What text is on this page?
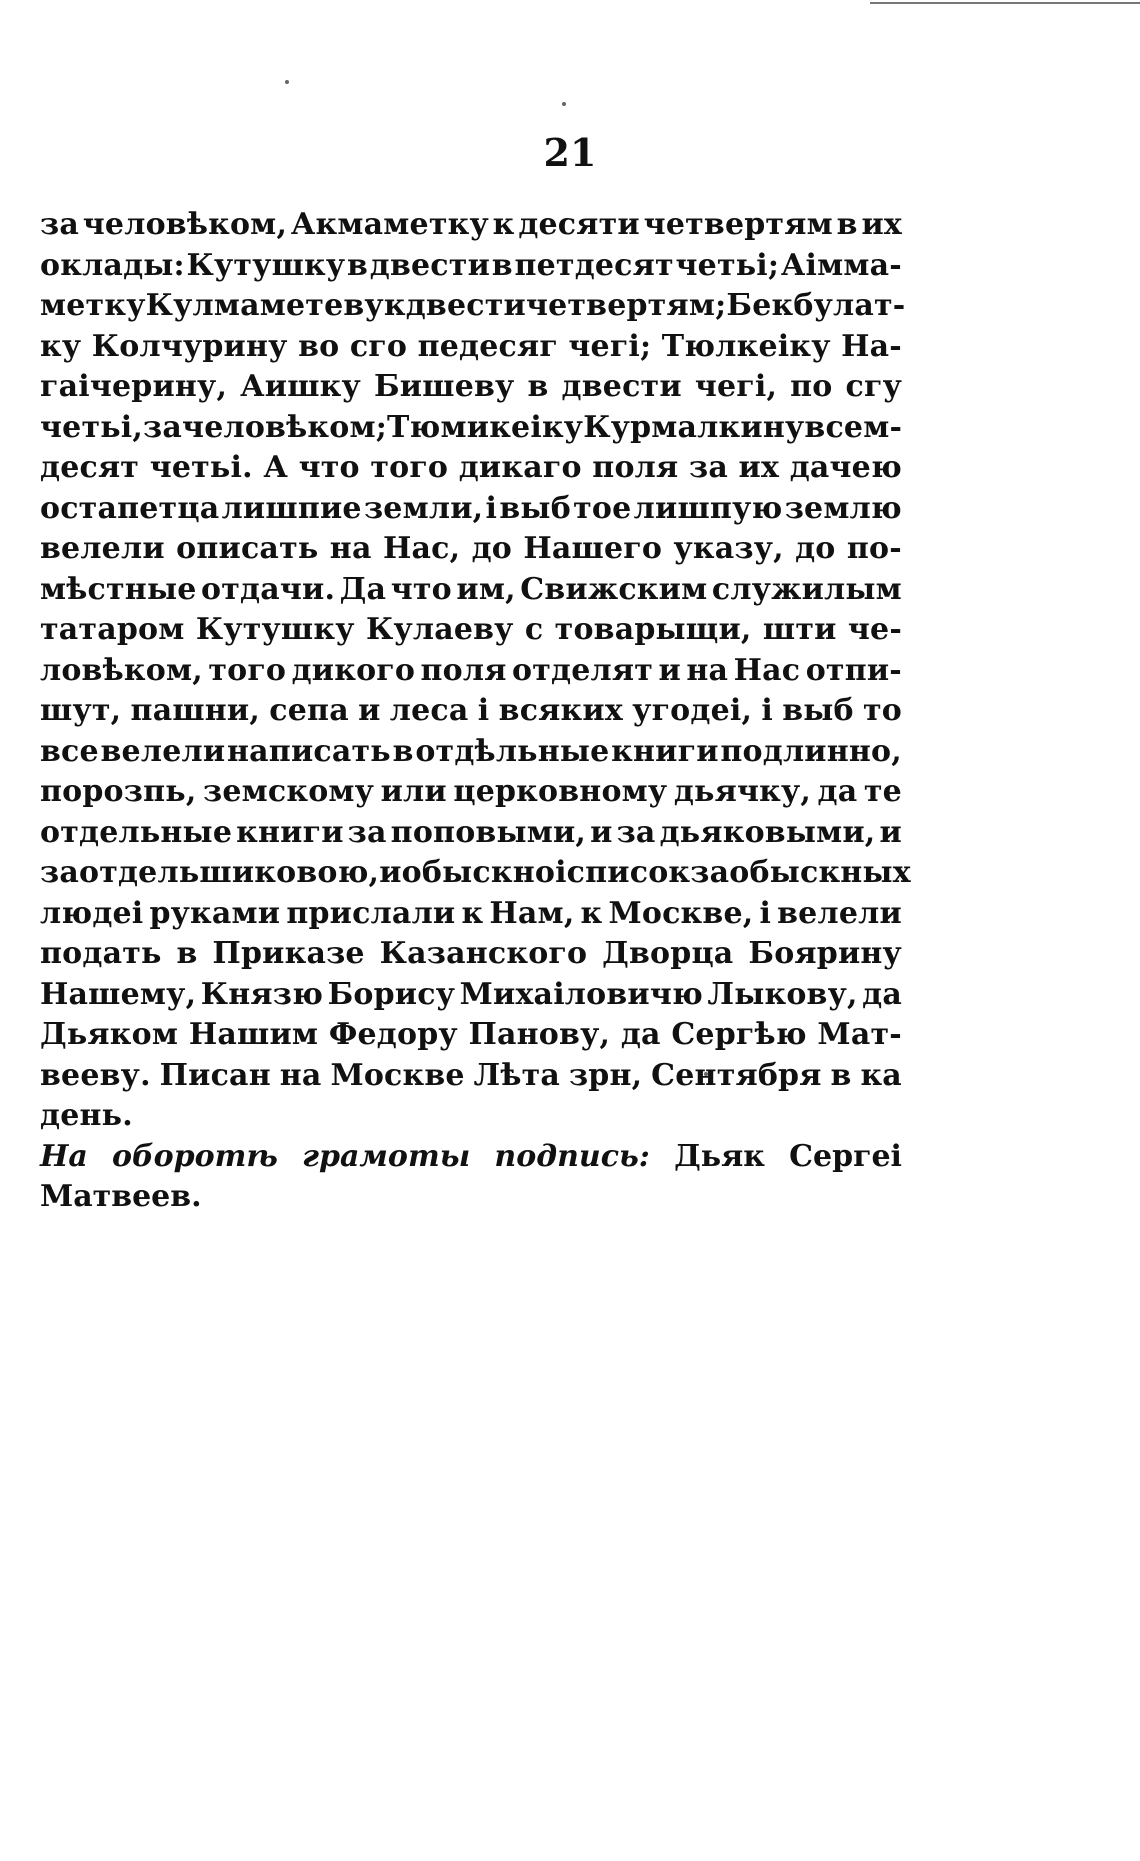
21
за человѣком, Акмаметку к десяти четвертям в их
оклады: Кутушку в двести в петдесят четьі; Аімма-
метку Кулмаметеву к двести четвертям; Бекбулат-
ку Колчурину во сго педесяг чегі; Тюлкеіку На-
гаічерину, Аишку Бишеву в двести чегі, по сгу
четьі, за человѣком; Тюмикеіку Курмалкину в сем-
десят четьі. А что того дикаго поля за их дачею
остапетца лишпие земли, і выб тое лишпую землю
велели описать на Нас, до Нашего указу, до по-
мѣстные отдачи. Да что им, Свижским служилым
татаром Кутушку Кулаеву с товарыщи, шти че-
ловѣком, того дикого поля отделят и на Нас отпи-
шут, пашни, сепа и леса і всяких угодеі, і выб то
все велели написать в отдѣльные книги подлинно,
порозпь, земскому или церковному дьячку, да те
отдельные книги за поповыми, и за дьяковыми, и
за отдельшиковою, и обыскноі список за обыскных
людеі руками прислали к Нам, к Москве, і велели
подать в Приказе Казанского Дворца Боярину
Нашему, Князю Борису Михаіловичю Лыкову, да
Дьяком Нашим Федору Панову, да Сергѣю Мат-
вееву. Писан на Москве Лѣта зрн, Сентября в ка
день.
На оборотѣ грамоты подпись: Дьяк Сергеі
Матвеев.
